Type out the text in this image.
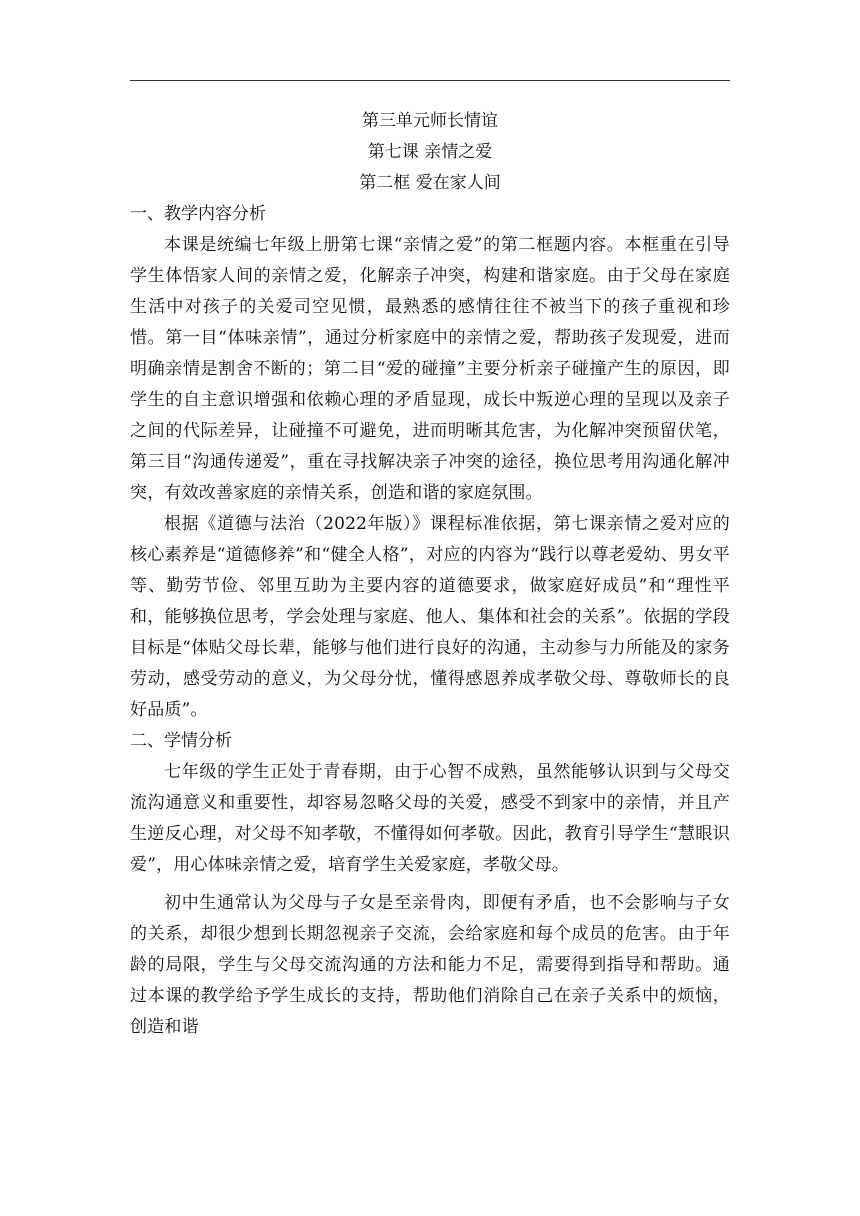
第三单元师长情谊

第七课 亲情之爱

第二框 爱在家人间

一、教学内容分析

本课是统编七年级上册第七课“亲情之爱”的第二框题内容。本框重在引导学生体悟家人间的亲情之爱，化解亲子冲突，构建和谐家庭。由于父母在家庭生活中对孩子的关爱司空见惯，最熟悉的感情往往不被当下的孩子重视和珍惜。第一目“体味亲情”，通过分析家庭中的亲情之爱，帮助孩子发现爱，进而明确亲情是割舍不断的；第二目“爱的碰撞”主要分析亲子碰撞产生的原因，即学生的自主意识增强和依赖心理的矛盾显现，成长中叛逆心理的呈现以及亲子之间的代际差异，让碰撞不可避免，进而明晰其危害，为化解冲突预留伏笔，第三目“沟通传递爱”，重在寻找解决亲子冲突的途径，换位思考用沟通化解冲突，有效改善家庭的亲情关系，创造和谐的家庭氛围。

根据《道德与法治（2022年版）》课程标准依据，第七课亲情之爱对应的核心素养是“道德修养”和“健全人格”，对应的内容为“践行以尊老爱幼、男女平等、勤劳节俭、邻里互助为主要内容的道德要求，做家庭好成员”和“理性平和，能够换位思考，学会处理与家庭、他人、集体和社会的关系”。依据的学段目标是“体贴父母长辈，能够与他们进行良好的沟通，主动参与力所能及的家务劳动，感受劳动的意义，为父母分忧，懂得感恩养成孝敬父母、尊敬师长的良好品质”。

二、学情分析

七年级的学生正处于青春期，由于心智不成熟，虽然能够认识到与父母交流沟通意义和重要性，却容易忽略父母的关爱，感受不到家中的亲情，并且产生逆反心理，对父母不知孝敬，不懂得如何孝敬。因此，教育引导学生“慧眼识爱”，用心体味亲情之爱，培育学生关爱家庭，孝敬父母。

初中生通常认为父母与子女是至亲骨肉，即便有矛盾，也不会影响与子女的关系，却很少想到长期忽视亲子交流，会给家庭和每个成员的危害。由于年龄的局限，学生与父母交流沟通的方法和能力不足，需要得到指导和帮助。通过本课的教学给予学生成长的支持，帮助他们消除自己在亲子关系中的烦恼，创造和谐
